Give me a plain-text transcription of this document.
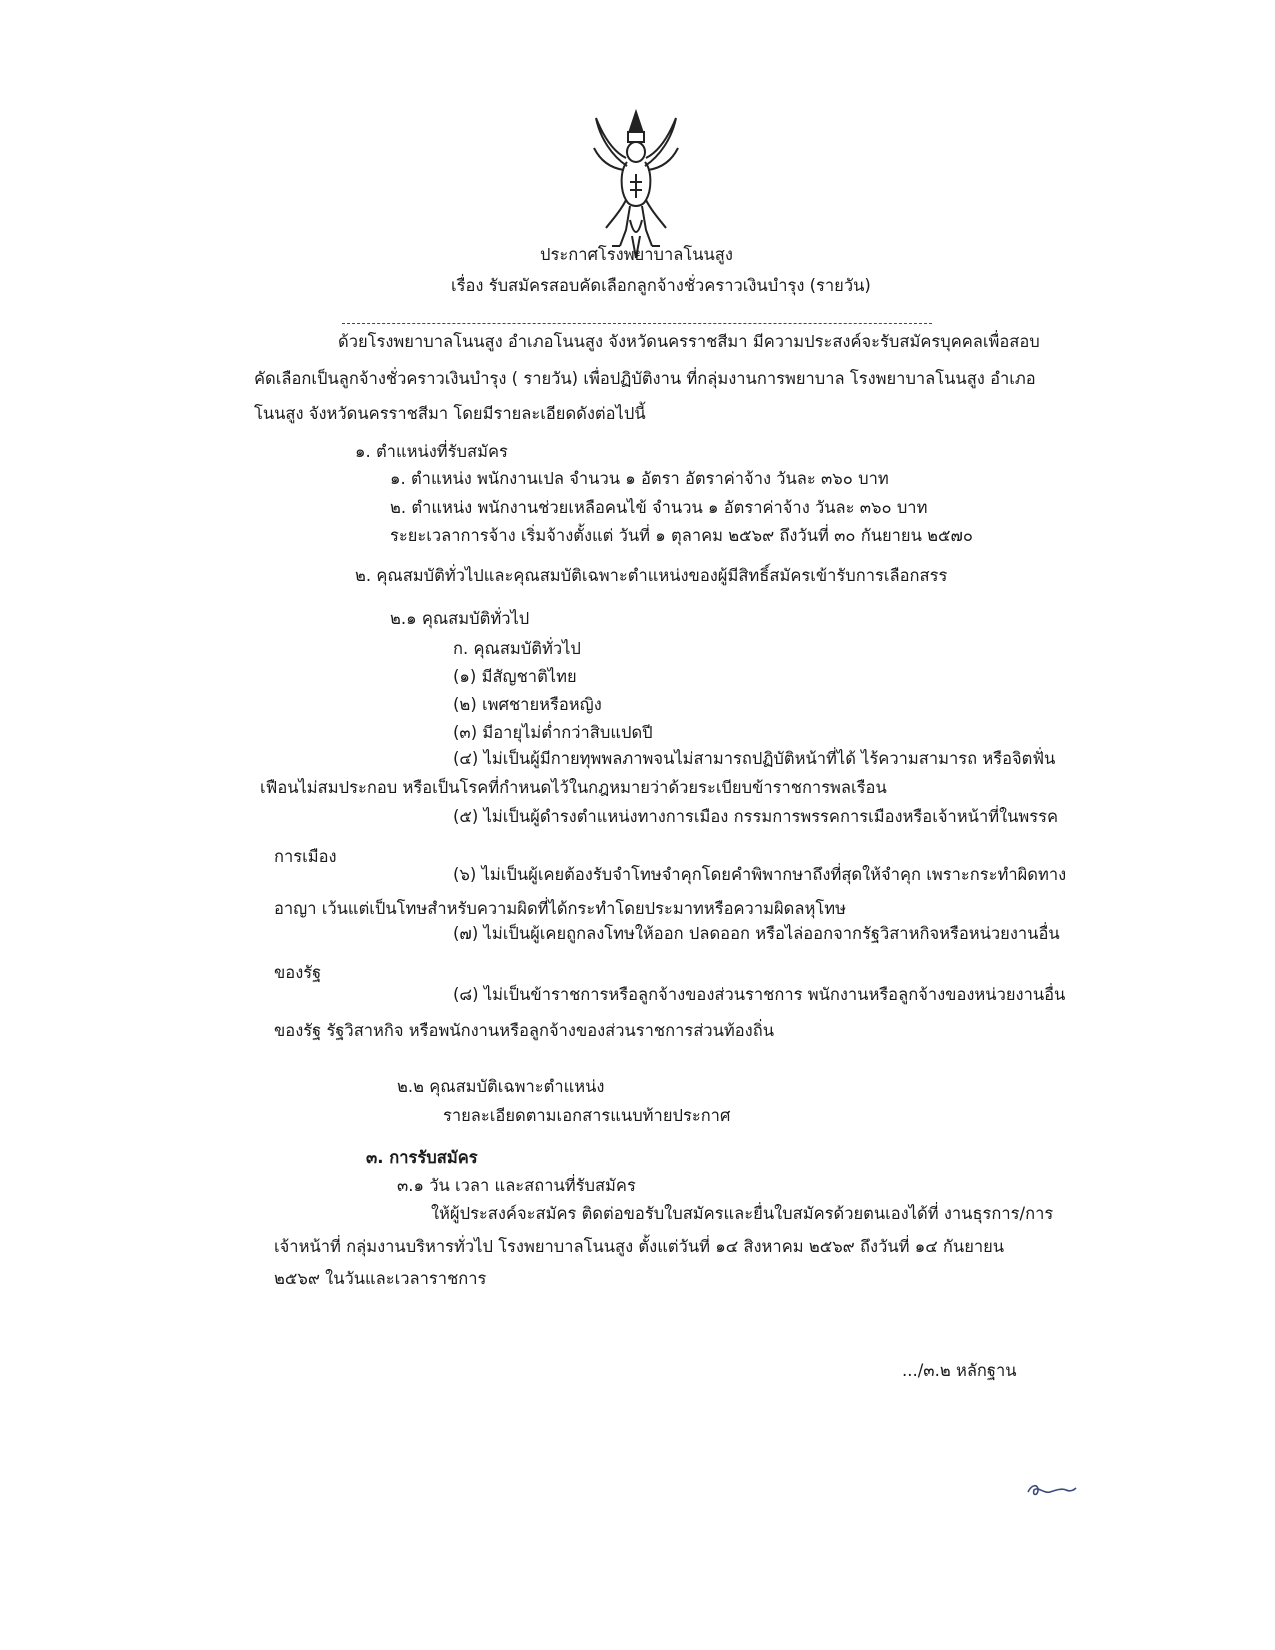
ประกาศโรงพยาบาลโนนสูง
เรื่อง รับสมัครสอบคัดเลือกลูกจ้างชั่วคราวเงินบำรุง (รายวัน)
ด้วยโรงพยาบาลโนนสูง อำเภอโนนสูง จังหวัดนครราชสีมา มีความประสงค์จะรับสมัครบุคคลเพื่อสอบ
คัดเลือกเป็นลูกจ้างชั่วคราวเงินบำรุง ( รายวัน) เพื่อปฏิบัติงาน ที่กลุ่มงานการพยาบาล โรงพยาบาลโนนสูง อำเภอ
โนนสูง จังหวัดนครราชสีมา โดยมีรายละเอียดดังต่อไปนี้
๑. ตำแหน่งที่รับสมัคร
๑. ตำแหน่ง พนักงานเปล จำนวน ๑ อัตรา อัตราค่าจ้าง วันละ ๓๖๐ บาท
๒. ตำแหน่ง พนักงานช่วยเหลือคนไข้ จำนวน ๑ อัตราค่าจ้าง วันละ ๓๖๐ บาท
ระยะเวลาการจ้าง เริ่มจ้างตั้งแต่ วันที่ ๑ ตุลาคม ๒๕๖๙ ถึงวันที่ ๓๐ กันยายน ๒๕๗๐
๒. คุณสมบัติทั่วไปและคุณสมบัติเฉพาะตำแหน่งของผู้มีสิทธิ์สมัครเข้ารับการเลือกสรร
๒.๑ คุณสมบัติทั่วไป
ก. คุณสมบัติทั่วไป
(๑) มีสัญชาติไทย
(๒) เพศชายหรือหญิง
(๓) มีอายุไม่ต่ำกว่าสิบแปดปี
(๔) ไม่เป็นผู้มีกายทุพพลภาพจนไม่สามารถปฏิบัติหน้าที่ได้ ไร้ความสามารถ หรือจิตฟั่น
เฟือนไม่สมประกอบ หรือเป็นโรคที่กำหนดไว้ในกฎหมายว่าด้วยระเบียบข้าราชการพลเรือน
(๕) ไม่เป็นผู้ดำรงตำแหน่งทางการเมือง กรรมการพรรคการเมืองหรือเจ้าหน้าที่ในพรรค
การเมือง
(๖) ไม่เป็นผู้เคยต้องรับจำโทษจำคุกโดยคำพิพากษาถึงที่สุดให้จำคุก เพราะกระทำผิดทาง
อาญา เว้นแต่เป็นโทษสำหรับความผิดที่ได้กระทำโดยประมาทหรือความผิดลหุโทษ
(๗) ไม่เป็นผู้เคยถูกลงโทษให้ออก ปลดออก หรือไล่ออกจากรัฐวิสาหกิจหรือหน่วยงานอื่น
ของรัฐ
(๘) ไม่เป็นข้าราชการหรือลูกจ้างของส่วนราชการ พนักงานหรือลูกจ้างของหน่วยงานอื่น
ของรัฐ รัฐวิสาหกิจ หรือพนักงานหรือลูกจ้างของส่วนราชการส่วนท้องถิ่น
๒.๒ คุณสมบัติเฉพาะตำแหน่ง
รายละเอียดตามเอกสารแนบท้ายประกาศ
๓. การรับสมัคร
๓.๑ วัน เวลา และสถานที่รับสมัคร
ให้ผู้ประสงค์จะสมัคร ติดต่อขอรับใบสมัครและยื่นใบสมัครด้วยตนเองได้ที่ งานธุรการ/การ
เจ้าหน้าที่ กลุ่มงานบริหารทั่วไป โรงพยาบาลโนนสูง ตั้งแต่วันที่ ๑๔ สิงหาคม ๒๕๖๙ ถึงวันที่ ๑๔ กันยายน
๒๕๖๙ ในวันและเวลาราชการ
.../๓.๒ หลักฐาน
